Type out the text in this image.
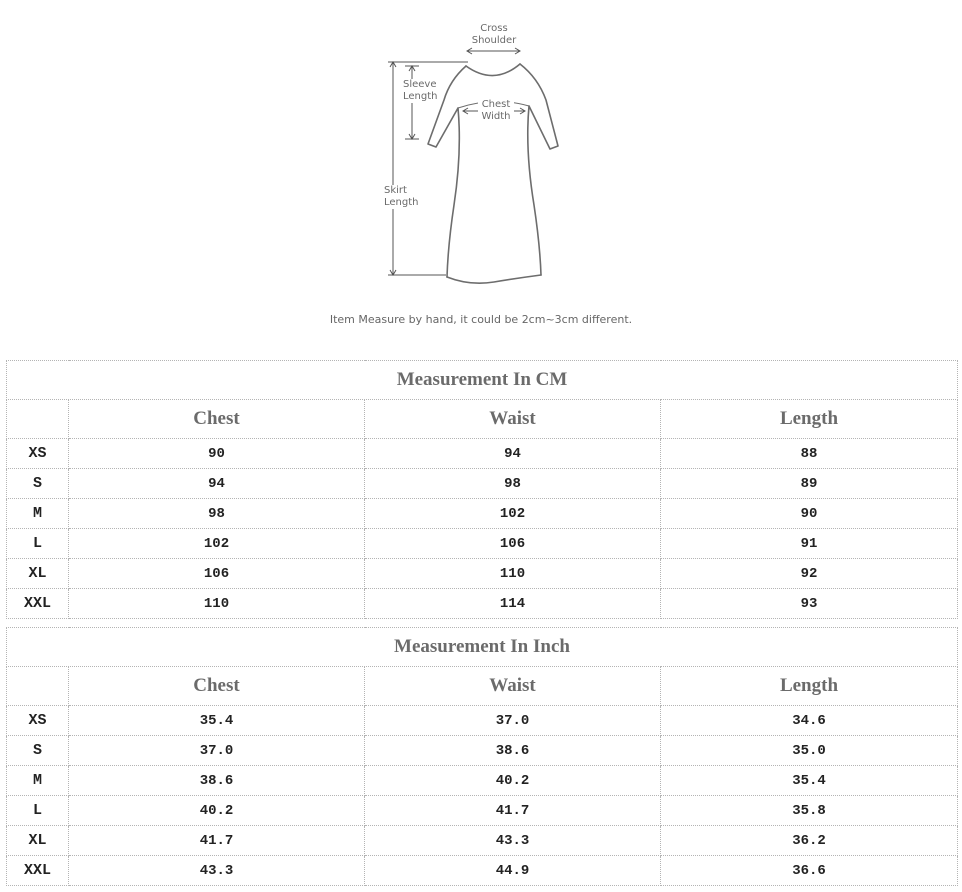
Cross
Shoulder
Sleeve
Length
Chest
Width
Skirt
Length
Item Measure by hand, it could be 2cm~3cm different.
Measurement In CM			
	Chest	Waist	Length
XS	90	94	88
S	94	98	89
M	98	102	90
L	102	106	91
XL	106	110	92
XXL	110	114	93
Measurement In Inch			
	Chest	Waist	Length
XS	35.4	37.0	34.6
S	37.0	38.6	35.0
M	38.6	40.2	35.4
L	40.2	41.7	35.8
XL	41.7	43.3	36.2
XXL	43.3	44.9	36.6
